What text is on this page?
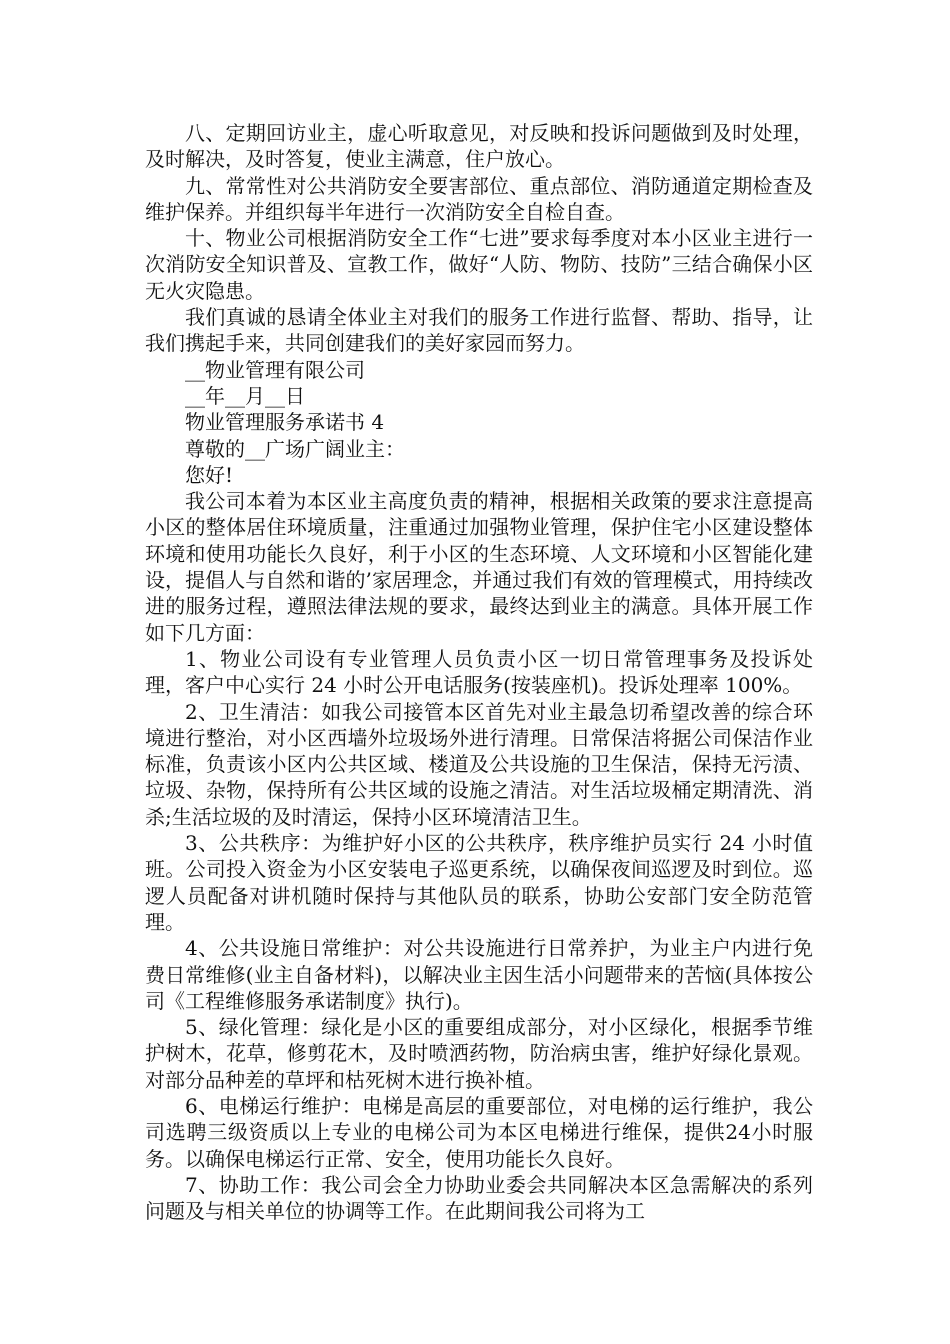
八、定期回访业主，虚心听取意见，对反映和投诉问题做到及时处理，及时解决，及时答复，使业主满意，住户放心。

九、常常性对公共消防安全要害部位、重点部位、消防通道定期检查及维护保养。并组织每半年进行一次消防安全自检自查。

十、物业公司根据消防安全工作“七进”要求每季度对本小区业主进行一次消防安全知识普及、宣教工作，做好“人防、物防、技防”三结合确保小区无火灾隐患。

我们真诚的恳请全体业主对我们的服务工作进行监督、帮助、指导，让我们携起手来，共同创建我们的美好家园而努力。

__物业管理有限公司

__年__月__日

物业管理服务承诺书 4

尊敬的__广场广阔业主：

您好!

我公司本着为本区业主高度负责的精神，根据相关政策的要求注意提高小区的整体居住环境质量，注重通过加强物业管理，保护住宅小区建设整体环境和使用功能长久良好，利于小区的生态环境、人文环境和小区智能化建设，提倡人与自然和谐的’家居理念，并通过我们有效的管理模式，用持续改进的服务过程，遵照法律法规的要求，最终达到业主的满意。具体开展工作如下几方面：

1、物业公司设有专业管理人员负责小区一切日常管理事务及投诉处理，客户中心实行 24 小时公开电话服务(按装座机)。投诉处理率 100%。

2、卫生清洁：如我公司接管本区首先对业主最急切希望改善的综合环境进行整治，对小区西墙外垃圾场外进行清理。日常保洁将据公司保洁作业标准，负责该小区内公共区域、楼道及公共设施的卫生保洁，保持无污渍、垃圾、杂物，保持所有公共区域的设施之清洁。对生活垃圾桶定期清洗、消杀;生活垃圾的及时清运，保持小区环境清洁卫生。

3、公共秩序：为维护好小区的公共秩序，秩序维护员实行 24 小时值班。公司投入资金为小区安装电子巡更系统，以确保夜间巡逻及时到位。巡逻人员配备对讲机随时保持与其他队员的联系，协助公安部门安全防范管理。

4、公共设施日常维护：对公共设施进行日常养护，为业主户内进行免费日常维修(业主自备材料)，以解决业主因生活小问题带来的苦恼(具体按公司《工程维修服务承诺制度》执行)。

5、绿化管理：绿化是小区的重要组成部分，对小区绿化，根据季节维护树木，花草，修剪花木，及时喷洒药物，防治病虫害，维护好绿化景观。对部分品种差的草坪和枯死树木进行换补植。

6、电梯运行维护：电梯是高层的重要部位，对电梯的运行维护，我公司选聘三级资质以上专业的电梯公司为本区电梯进行维保，提供24小时服务。以确保电梯运行正常、安全，使用功能长久良好。

7、协助工作：我公司会全力协助业委会共同解决本区急需解决的系列问题及与相关单位的协调等工作。在此期间我公司将为工
